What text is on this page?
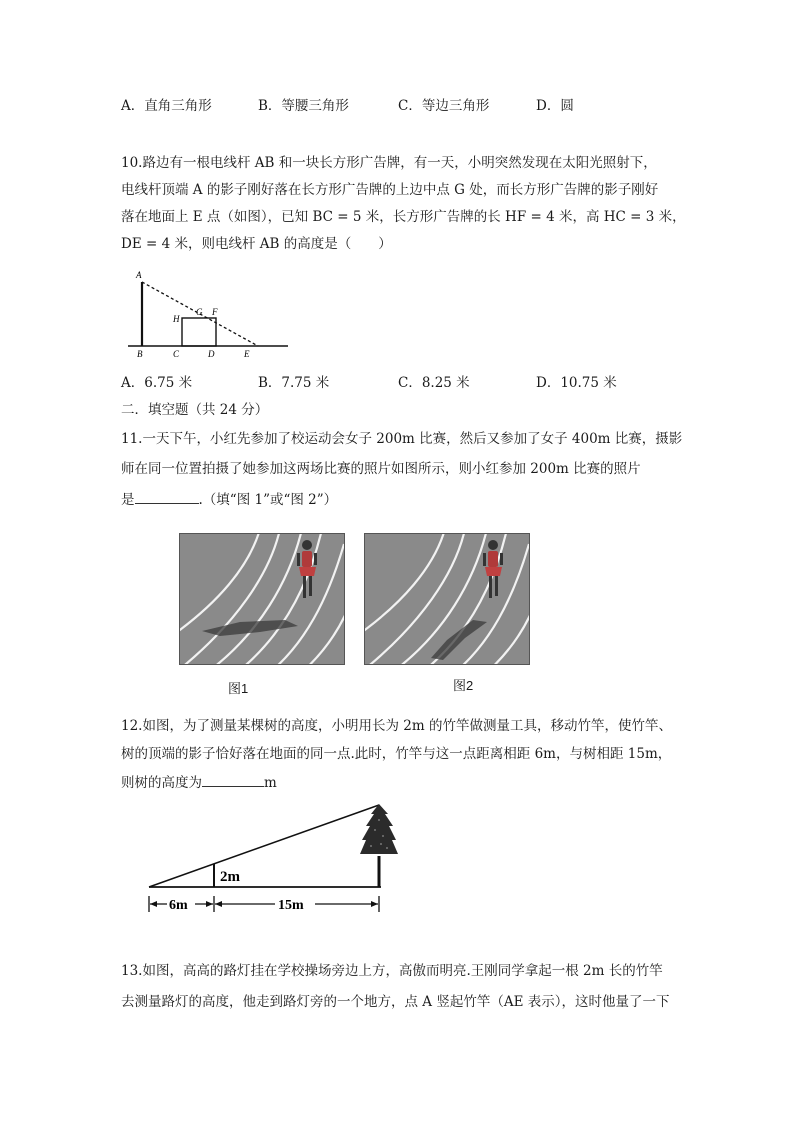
A．直角三角形	B．等腰三角形	C．等边三角形	D．圆
10.路边有一根电线杆 AB 和一块长方形广告牌，有一天，小明突然发现在太阳光照射下，
电线杆顶端 A 的影子刚好落在长方形广告牌的上边中点 G 处，而长方形广告牌的影子刚好
落在地面上 E 点（如图），已知 BC = 5 米，长方形广告牌的长 HF = 4 米，高 HC = 3 米，
DE = 4 米，则电线杆 AB 的高度是（　　）
A
H
G F
B	C	D	E
A．6.75 米	B．7.75 米	C．8.25 米	D．10.75 米
二．填空题（共 24 分）
11.一天下午，小红先参加了校运动会女子 200m 比赛，然后又参加了女子 400m 比赛，摄影
师在同一位置拍摄了她参加这两场比赛的照片如图所示，则小红参加 200m 比赛的照片
是	.（填“图 1”或“图 2”）
图1	图2
12.如图，为了测量某棵树的高度，小明用长为 2m 的竹竿做测量工具，移动竹竿，使竹竿、
树的顶端的影子恰好落在地面的同一点.此时，竹竿与这一点距离相距 6m，与树相距 15m，
则树的高度为	m
2m
6m	15m
13.如图，高高的路灯挂在学校操场旁边上方，高傲而明亮.王刚同学拿起一根 2m 长的竹竿
去测量路灯的高度，他走到路灯旁的一个地方，点 A 竖起竹竿（AE 表示），这时他量了一下
